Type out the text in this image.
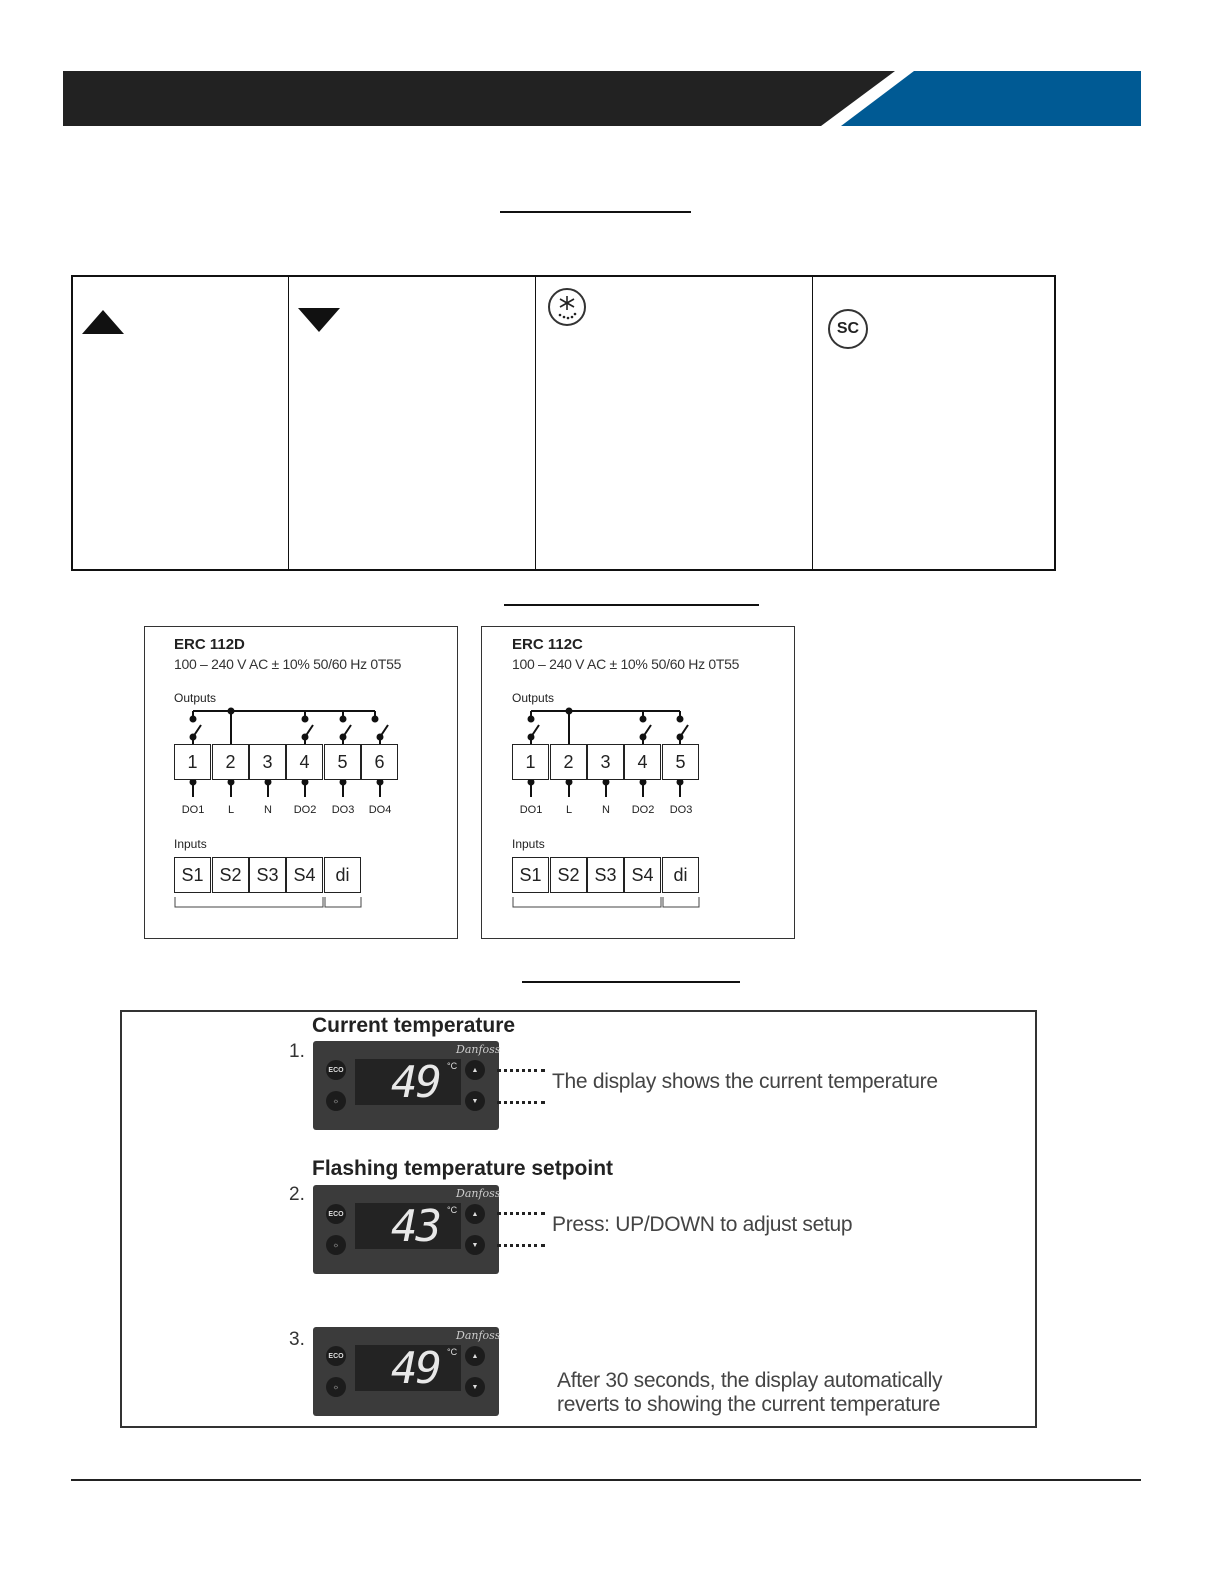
SC
ERC 112D
100 – 240 V AC ± 10% 50/60 Hz 0T55
Outputs
1	2	3	4	5	6
DO1	L	N	DO2	DO3	DO4
Inputs
S1 S2 S3 S4	di
ERC 112C
100 – 240 V AC ± 10% 50/60 Hz 0T55
Outputs
1	2	3	4	5
DO1	L	N	DO2	DO3
Inputs
S1 S2 S3 S4	di
Current temperature
1.
ECO
☼ 49 °C
Danfoss
▲
▼
The display shows the current temperature
Flashing temperature setpoint
2.
ECO
☼ 43 °C
Danfoss
▲
▼
Press: UP/DOWN to adjust setup
3.
ECO
☼ 49 °C
Danfoss
▲
▼	After 30 seconds, the display automatically
reverts to showing the current temperature
